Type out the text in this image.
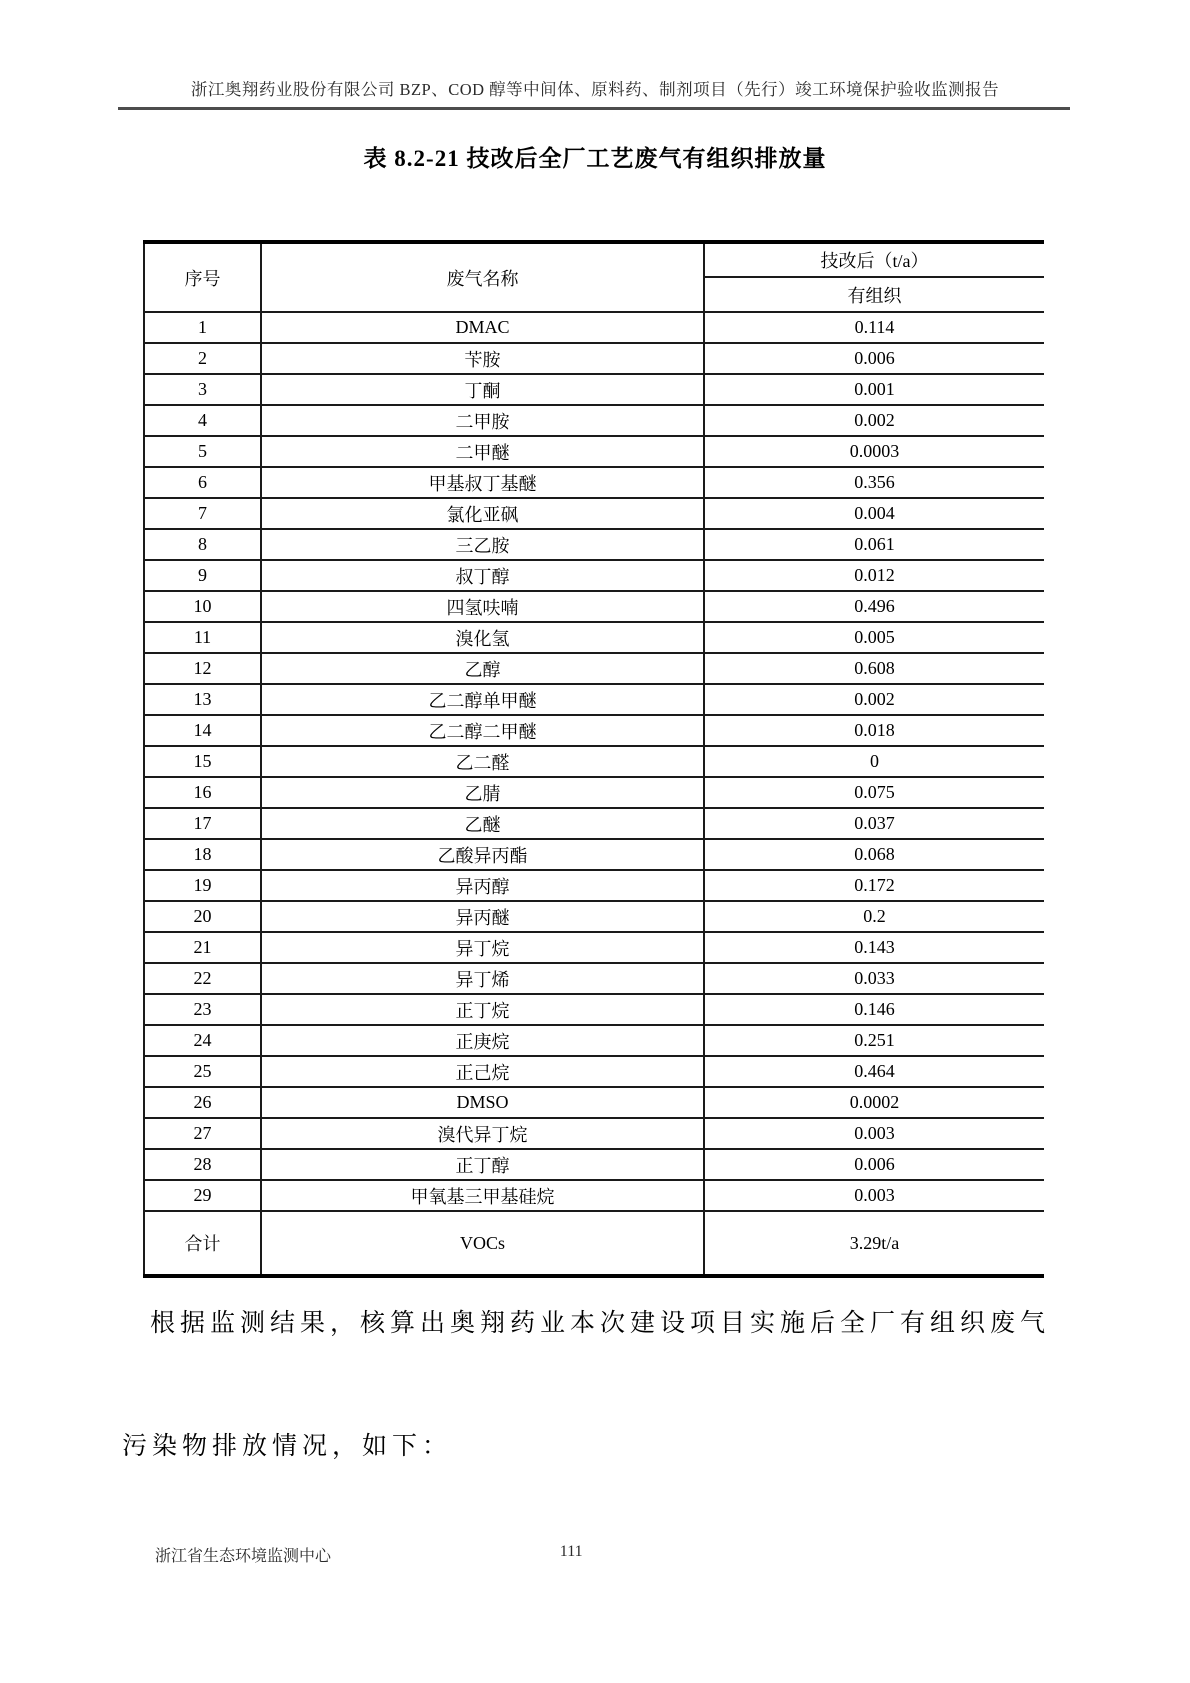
浙江奥翔药业股份有限公司 BZP、COD 醇等中间体、原料药、制剂项目（先行）竣工环境保护验收监测报告
表 8.2-21 技改后全厂工艺废气有组织排放量
序号	废气名称	技改后（t/a）
		有组织
1	DMAC	0.114
2	苄胺	0.006
3	丁酮	0.001
4	二甲胺	0.002
5	二甲醚	0.0003
6	甲基叔丁基醚	0.356
7	氯化亚砜	0.004
8	三乙胺	0.061
9	叔丁醇	0.012
10	四氢呋喃	0.496
11	溴化氢	0.005
12	乙醇	0.608
13	乙二醇单甲醚	0.002
14	乙二醇二甲醚	0.018
15	乙二醛	0
16	乙腈	0.075
17	乙醚	0.037
18	乙酸异丙酯	0.068
19	异丙醇	0.172
20	异丙醚	0.2
21	异丁烷	0.143
22	异丁烯	0.033
23	正丁烷	0.146
24	正庚烷	0.251
25	正己烷	0.464
26	DMSO	0.0002
27	溴代异丁烷	0.003
28	正丁醇	0.006
29	甲氧基三甲基硅烷	0.003
合计	VOCs	3.29t/a
根据监测结果，核算出奥翔药业本次建设项目实施后全厂有组织废气
污染物排放情况，如下：
浙江省生态环境监测中心	111
